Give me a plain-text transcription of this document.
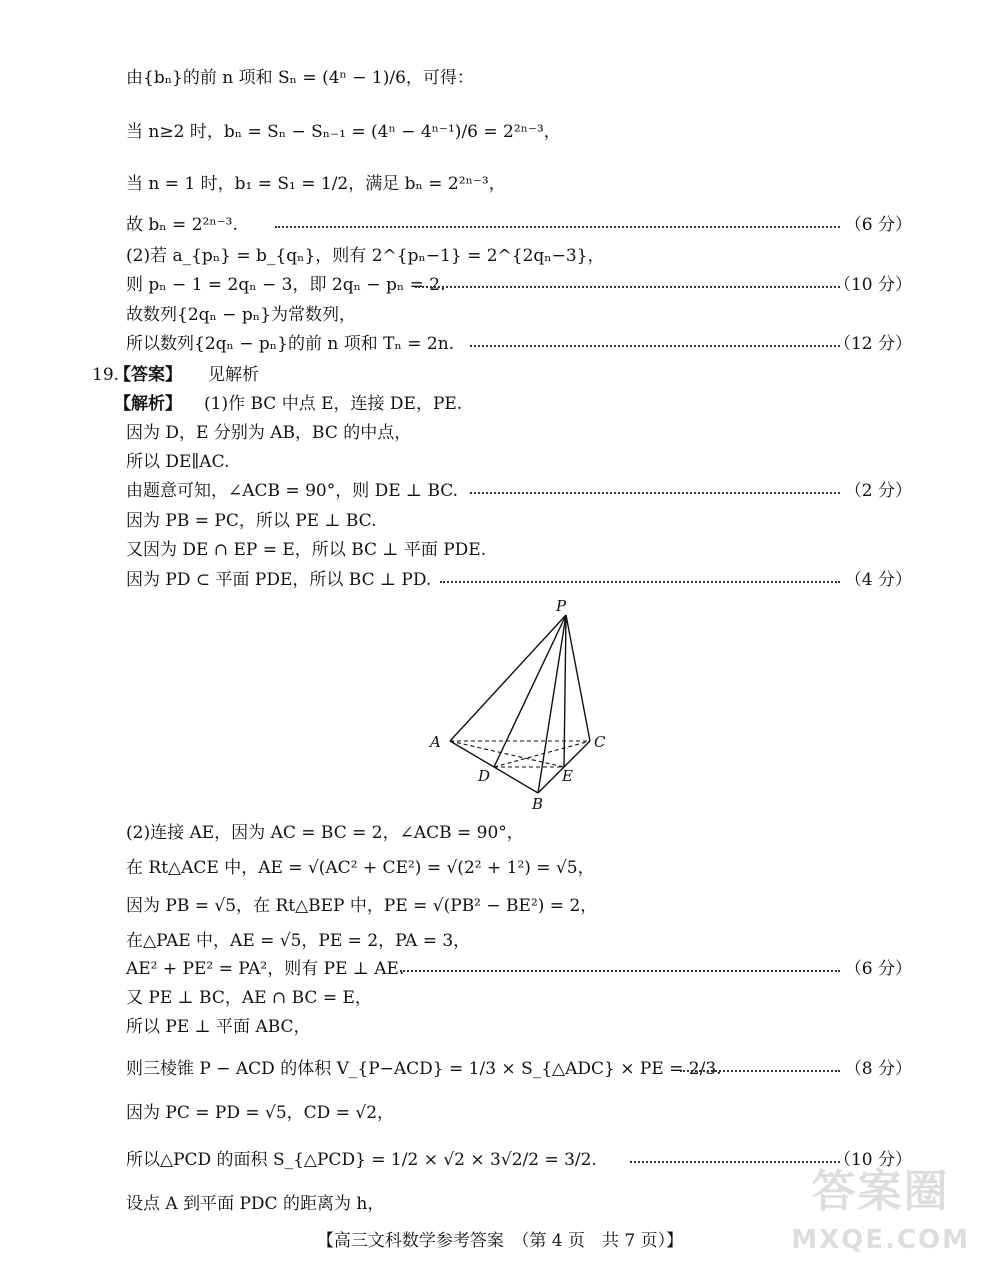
由{bₙ}的前 n 项和 Sₙ = (4ⁿ − 1)/6，可得：
当 n≥2 时，bₙ = Sₙ − Sₙ₋₁ = (4ⁿ − 4ⁿ⁻¹)/6 = 2²ⁿ⁻³，
当 n = 1 时，b₁ = S₁ = 1/2，满足 bₙ = 2²ⁿ⁻³，
故 bₙ = 2²ⁿ⁻³.	（6 分）
(2)若 a_{pₙ} = b_{qₙ}，则有 2^{pₙ−1} = 2^{2qₙ−3}，
则 pₙ − 1 = 2qₙ − 3，即 2qₙ − pₙ = 2.	（10 分）
故数列{2qₙ − pₙ}为常数列，
所以数列{2qₙ − pₙ}的前 n 项和 Tₙ = 2n.	（12 分）
19.
【答案】 见解析
【解析】 (1)作 BC 中点 E，连接 DE，PE.
因为 D，E 分别为 AB，BC 的中点，
所以 DE∥AC.
由题意可知，∠ACB = 90°，则 DE ⊥ BC.	（2 分）
因为 PB = PC，所以 PE ⊥ BC.
又因为 DE ∩ EP = E，所以 BC ⊥ 平面 PDE.
因为 PD ⊂ 平面 PDE，所以 BC ⊥ PD.	（4 分）
P
A	C
D	E
B
(2)连接 AE，因为 AC = BC = 2，∠ACB = 90°，
在 Rt△ACE 中，AE = √(AC² + CE²) = √(2² + 1²) = √5，
因为 PB = √5，在 Rt△BEP 中，PE = √(PB² − BE²) = 2，
在△PAE 中，AE = √5，PE = 2，PA = 3，
AE² + PE² = PA²，则有 PE ⊥ AE.	（6 分）
又 PE ⊥ BC，AE ∩ BC = E，
所以 PE ⊥ 平面 ABC，
则三棱锥 P − ACD 的体积 V_{P−ACD} = 1/3 × S_{△ADC} × PE = 2/3.	（8 分）
因为 PC = PD = √5，CD = √2，
所以△PCD 的面积 S_{△PCD} = 1/2 × √2 × 3√2/2 = 3/2.	（10 分）
设点 A 到平面 PDC 的距离为 h，
【高三文科数学参考答案　（第 4 页　共 7 页）】
答案圈
MXQE.COM
